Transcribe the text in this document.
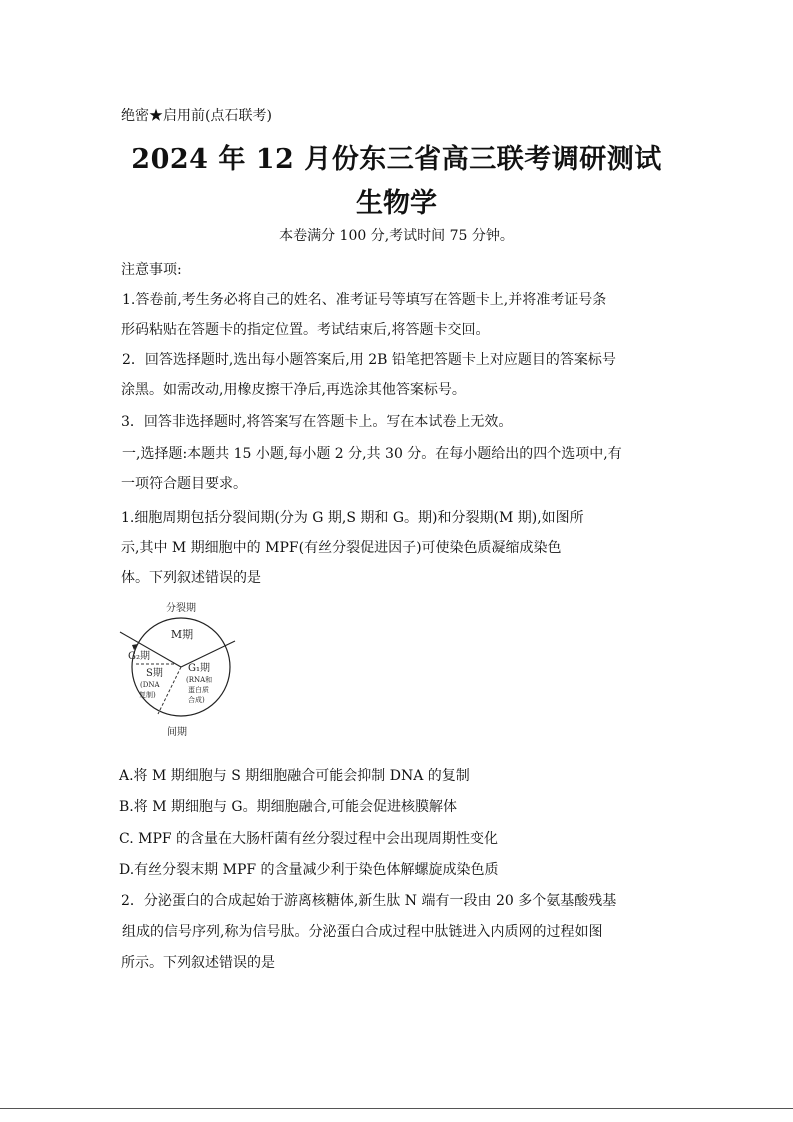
绝密★启用前(点石联考)
2024 年 12 月份东三省高三联考调研测试
生物学
本卷满分 100 分,考试时间 75 分钟。
注意事项:
1.答卷前,考生务必将自己的姓名、准考证号等填写在答题卡上,并将准考证号条
形码粘贴在答题卡的指定位置。考试结束后,将答题卡交回。
2．回答选择题时,选出每小题答案后,用 2B 铅笔把答题卡上对应题目的答案标号
涂黑。如需改动,用橡皮擦干净后,再选涂其他答案标号。
3．回答非选择题时,将答案写在答题卡上。写在本试卷上无效。
一,选择题:本题共 15 小题,每小题 2 分,共 30 分。在每小题给出的四个选项中,有
一项符合题目要求。
1.细胞周期包括分裂间期(分为 G 期,S 期和 G。期)和分裂期(M 期),如图所
示,其中 M 期细胞中的 MPF(有丝分裂促进因子)可使染色质凝缩成染色
体。下列叙述错误的是
分裂期
M期
G₂期
S期
(DNA
复制)
G₁期
(RNA和
蛋白质
合成)
间期
A.将 M 期细胞与 S 期细胞融合可能会抑制 DNA 的复制
B.将 M 期细胞与 G。期细胞融合,可能会促进核膜解体
C. MPF 的含量在大肠杆菌有丝分裂过程中会出现周期性变化
D.有丝分裂末期 MPF 的含量减少利于染色体解螺旋成染色质
2．分泌蛋白的合成起始于游离核糖体,新生肽 N 端有一段由 20 多个氨基酸残基
组成的信号序列,称为信号肽。分泌蛋白合成过程中肽链进入内质网的过程如图
所示。下列叙述错误的是
